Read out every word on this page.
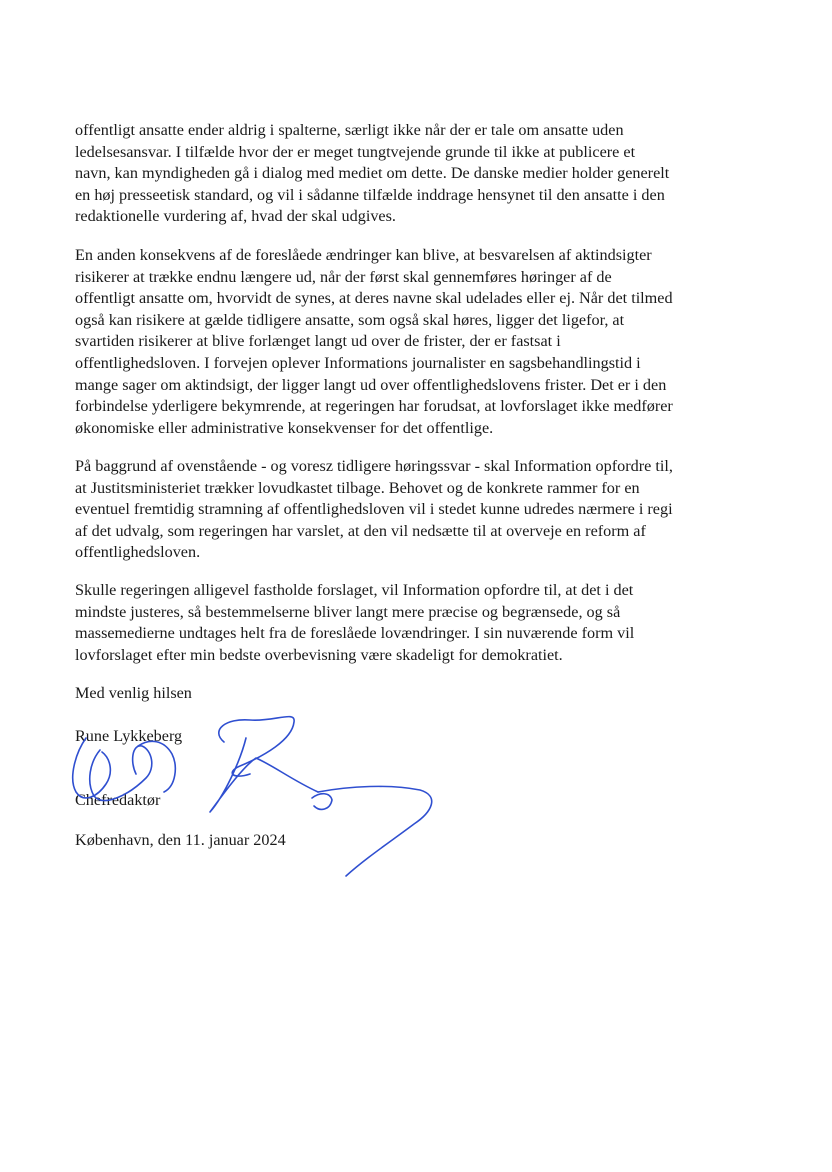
offentligt ansatte ender aldrig i spalterne, særligt ikke når der er tale om ansatte uden
ledelsesansvar. I tilfælde hvor der er meget tungtvejende grunde til ikke at publicere et
navn, kan myndigheden gå i dialog med mediet om dette. De danske medier holder generelt
en høj presseetisk standard, og vil i sådanne tilfælde inddrage hensynet til den ansatte i den
redaktionelle vurdering af, hvad der skal udgives.

En anden konsekvens af de foreslåede ændringer kan blive, at besvarelsen af aktindsigter
risikerer at trække endnu længere ud, når der først skal gennemføres høringer af de
offentligt ansatte om, hvorvidt de synes, at deres navne skal udelades eller ej. Når det tilmed
også kan risikere at gælde tidligere ansatte, som også skal høres, ligger det ligefor, at
svartiden risikerer at blive forlænget langt ud over de frister, der er fastsat i
offentlighedsloven. I forvejen oplever Informations journalister en sagsbehandlingstid i
mange sager om aktindsigt, der ligger langt ud over offentlighedslovens frister. Det er i den
forbindelse yderligere bekymrende, at regeringen har forudsat, at lovforslaget ikke medfører
økonomiske eller administrative konsekvenser for det offentlige.

På baggrund af ovenstående - og voresz tidligere høringssvar - skal Information opfordre til,
at Justitsministeriet trækker lovudkastet tilbage. Behovet og de konkrete rammer for en
eventuel fremtidig stramning af offentlighedsloven vil i stedet kunne udredes nærmere i regi
af det udvalg, som regeringen har varslet, at den vil nedsætte til at overveje en reform af
offentlighedsloven.

Skulle regeringen alligevel fastholde forslaget, vil Information opfordre til, at det i det
mindste justeres, så bestemmelserne bliver langt mere præcise og begrænsede, og så
massemedierne undtages helt fra de foreslåede lovændringer. I sin nuværende form vil
lovforslaget efter min bedste overbevisning være skadeligt for demokratiet.

Med venlig hilsen

Rune Lykkeberg

Chefredaktør

København, den 11. januar 2024
